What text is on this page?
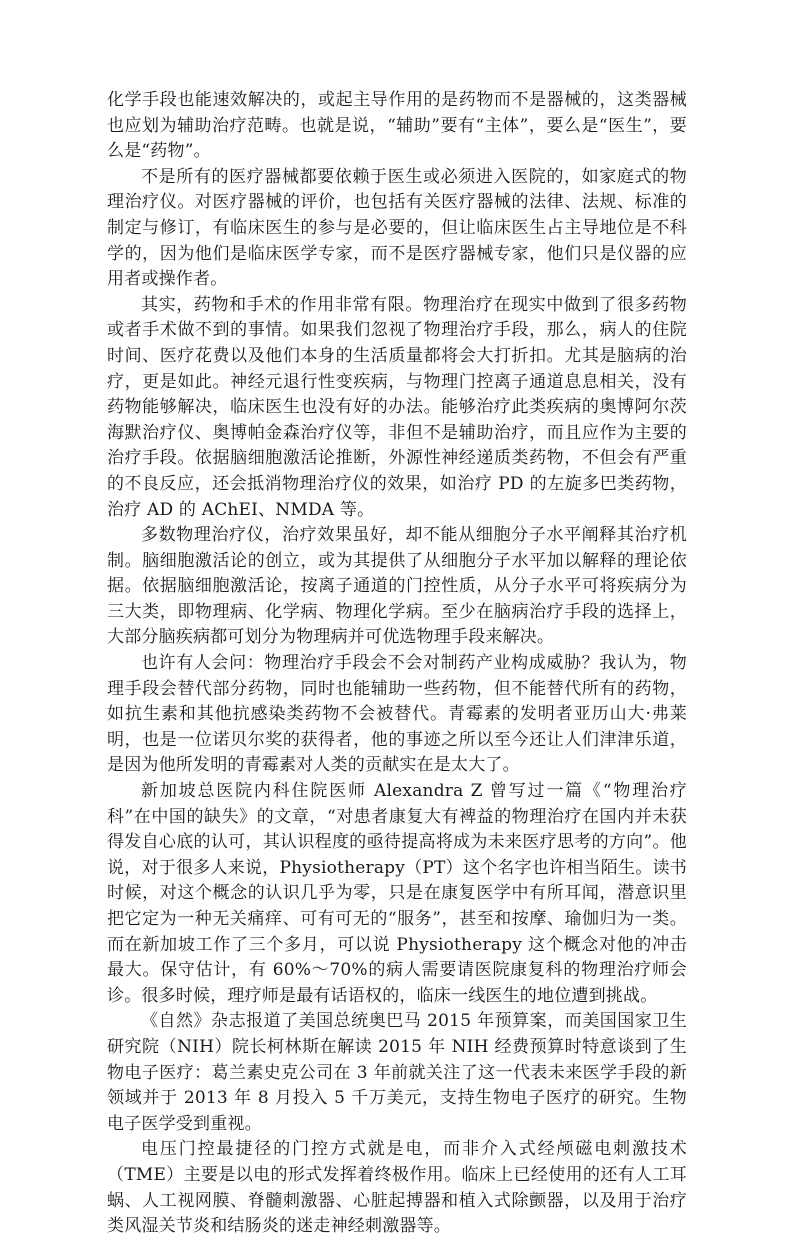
化学手段也能速效解决的，或起主导作用的是药物而不是器械的，这类器械也应划为辅助治疗范畴。也就是说，“辅助”要有“主体”，要么是“医生”，要么是“药物”。

不是所有的医疗器械都要依赖于医生或必须进入医院的，如家庭式的物理治疗仪。对医疗器械的评价，也包括有关医疗器械的法律、法规、标准的制定与修订，有临床医生的参与是必要的，但让临床医生占主导地位是不科学的，因为他们是临床医学专家，而不是医疗器械专家，他们只是仪器的应用者或操作者。

其实，药物和手术的作用非常有限。物理治疗在现实中做到了很多药物或者手术做不到的事情。如果我们忽视了物理治疗手段，那么，病人的住院时间、医疗花费以及他们本身的生活质量都将会大打折扣。尤其是脑病的治疗，更是如此。神经元退行性变疾病，与物理门控离子通道息息相关，没有药物能够解决，临床医生也没有好的办法。能够治疗此类疾病的奥博阿尔茨海默治疗仪、奥博帕金森治疗仪等，非但不是辅助治疗，而且应作为主要的治疗手段。依据脑细胞激活论推断，外源性神经递质类药物，不但会有严重的不良反应，还会抵消物理治疗仪的效果，如治疗 PD 的左旋多巴类药物，治疗 AD 的 AChEI、NMDA 等。

多数物理治疗仪，治疗效果虽好，却不能从细胞分子水平阐释其治疗机制。脑细胞激活论的创立，或为其提供了从细胞分子水平加以解释的理论依据。依据脑细胞激活论，按离子通道的门控性质，从分子水平可将疾病分为三大类，即物理病、化学病、物理化学病。至少在脑病治疗手段的选择上，大部分脑疾病都可划分为物理病并可优选物理手段来解决。

也许有人会问：物理治疗手段会不会对制药产业构成威胁？我认为，物理手段会替代部分药物，同时也能辅助一些药物，但不能替代所有的药物，如抗生素和其他抗感染类药物不会被替代。青霉素的发明者亚历山大·弗莱明，也是一位诺贝尔奖的获得者，他的事迹之所以至今还让人们津津乐道，是因为他所发明的青霉素对人类的贡献实在是太大了。

新加坡总医院内科住院医师 Alexandra Z 曾写过一篇《“物理治疗科”在中国的缺失》的文章，“对患者康复大有裨益的物理治疗在国内并未获得发自心底的认可，其认识程度的亟待提高将成为未来医疗思考的方向”。他说，对于很多人来说，Physiotherapy（PT）这个名字也许相当陌生。读书时候，对这个概念的认识几乎为零，只是在康复医学中有所耳闻，潜意识里把它定为一种无关痛痒、可有可无的“服务”，甚至和按摩、瑜伽归为一类。而在新加坡工作了三个多月，可以说 Physiotherapy 这个概念对他的冲击最大。保守估计，有 60%～70%的病人需要请医院康复科的物理治疗师会诊。很多时候，理疗师是最有话语权的，临床一线医生的地位遭到挑战。

《自然》杂志报道了美国总统奥巴马 2015 年预算案，而美国国家卫生研究院（NIH）院长柯林斯在解读 2015 年 NIH 经费预算时特意谈到了生物电子医疗：葛兰素史克公司在 3 年前就关注了这一代表未来医学手段的新领域并于 2013 年 8 月投入 5 千万美元，支持生物电子医疗的研究。生物电子医学受到重视。

电压门控最捷径的门控方式就是电，而非介入式经颅磁电刺激技术（TME）主要是以电的形式发挥着终极作用。临床上已经使用的还有人工耳蜗、人工视网膜、脊髓刺激器、心脏起搏器和植入式除颤器，以及用于治疗类风湿关节炎和结肠炎的迷走神经刺激器等。
